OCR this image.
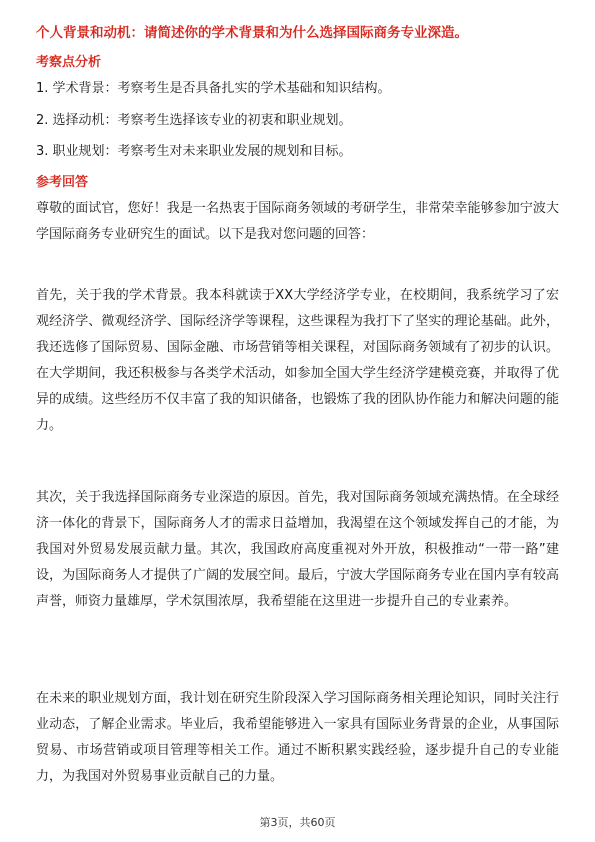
个人背景和动机：请简述你的学术背景和为什么选择国际商务专业深造。
考察点分析
1. 学术背景：考察考生是否具备扎实的学术基础和知识结构。
2. 选择动机：考察考生选择该专业的初衷和职业规划。
3. 职业规划：考察考生对未来职业发展的规划和目标。
参考回答

尊敬的面试官，您好！我是一名热衷于国际商务领域的考研学生，非常荣幸能够参加宁波大学国际商务专业研究生的面试。以下是我对您问题的回答：

首先，关于我的学术背景。我本科就读于XX大学经济学专业，在校期间，我系统学习了宏观经济学、微观经济学、国际经济学等课程，这些课程为我打下了坚实的理论基础。此外，我还选修了国际贸易、国际金融、市场营销等相关课程，对国际商务领域有了初步的认识。在大学期间，我还积极参与各类学术活动，如参加全国大学生经济学建模竞赛，并取得了优异的成绩。这些经历不仅丰富了我的知识储备，也锻炼了我的团队协作能力和解决问题的能力。

其次，关于我选择国际商务专业深造的原因。首先，我对国际商务领域充满热情。在全球经济一体化的背景下，国际商务人才的需求日益增加，我渴望在这个领域发挥自己的才能，为我国对外贸易发展贡献力量。其次，我国政府高度重视对外开放，积极推动“一带一路”建设，为国际商务人才提供了广阔的发展空间。最后，宁波大学国际商务专业在国内享有较高声誉，师资力量雄厚，学术氛围浓厚，我希望能在这里进一步提升自己的专业素养。

在未来的职业规划方面，我计划在研究生阶段深入学习国际商务相关理论知识，同时关注行业动态，了解企业需求。毕业后，我希望能够进入一家具有国际业务背景的企业，从事国际贸易、市场营销或项目管理等相关工作。通过不断积累实践经验，逐步提升自己的专业能力，为我国对外贸易事业贡献自己的力量。

第3页，共60页
